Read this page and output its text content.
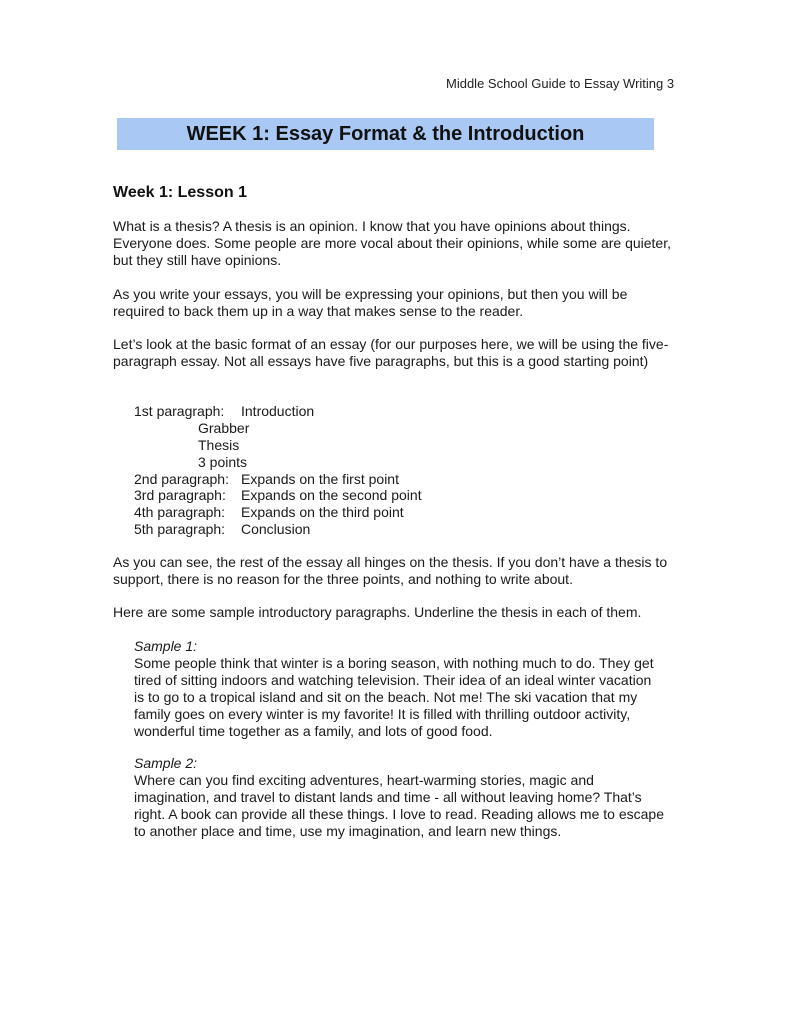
Middle School Guide to Essay Writing 3
WEEK 1: Essay Format & the Introduction
Week 1: Lesson 1
What is a thesis? A thesis is an opinion. I know that you have opinions about things. Everyone does. Some people are more vocal about their opinions, while some are quieter, but they still have opinions.
As you write your essays, you will be expressing your opinions, but then you will be required to back them up in a way that makes sense to the reader.
Let’s look at the basic format of an essay (for our purposes here, we will be using the five-paragraph essay. Not all essays have five paragraphs, but this is a good starting point)
1st paragraph: Introduction
Grabber
Thesis
3 points
2nd paragraph: Expands on the first point
3rd paragraph: Expands on the second point
4th paragraph: Expands on the third point
5th paragraph: Conclusion
As you can see, the rest of the essay all hinges on the thesis. If you don’t have a thesis to support, there is no reason for the three points, and nothing to write about.
Here are some sample introductory paragraphs. Underline the thesis in each of them.
Sample 1:
Some people think that winter is a boring season, with nothing much to do. They get tired of sitting indoors and watching television. Their idea of an ideal winter vacation is to go to a tropical island and sit on the beach. Not me! The ski vacation that my family goes on every winter is my favorite! It is filled with thrilling outdoor activity, wonderful time together as a family, and lots of good food.
Sample 2:
Where can you find exciting adventures, heart-warming stories, magic and imagination, and travel to distant lands and time - all without leaving home? That’s right. A book can provide all these things. I love to read. Reading allows me to escape to another place and time, use my imagination, and learn new things.
